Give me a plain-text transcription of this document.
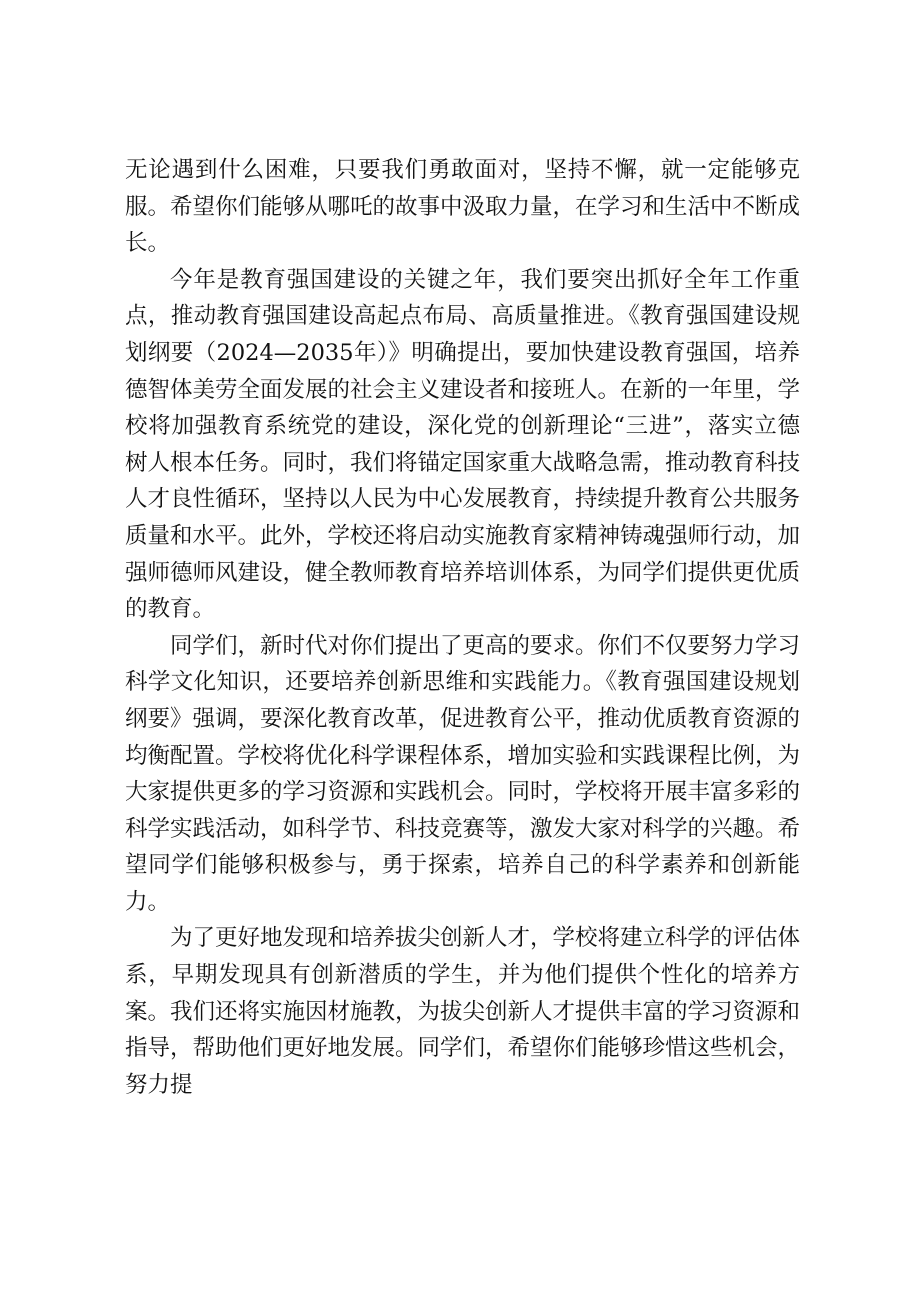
无论遇到什么困难，只要我们勇敢面对，坚持不懈，就一定能够克服。希望你们能够从哪吒的故事中汲取力量，在学习和生活中不断成长。

今年是教育强国建设的关键之年，我们要突出抓好全年工作重点，推动教育强国建设高起点布局、高质量推进。《教育强国建设规划纲要（2024—2035年）》明确提出，要加快建设教育强国，培养德智体美劳全面发展的社会主义建设者和接班人。在新的一年里，学校将加强教育系统党的建设，深化党的创新理论“三进”，落实立德树人根本任务。同时，我们将锚定国家重大战略急需，推动教育科技人才良性循环，坚持以人民为中心发展教育，持续提升教育公共服务质量和水平。此外，学校还将启动实施教育家精神铸魂强师行动，加强师德师风建设，健全教师教育培养培训体系，为同学们提供更优质的教育。

同学们，新时代对你们提出了更高的要求。你们不仅要努力学习科学文化知识，还要培养创新思维和实践能力。《教育强国建设规划纲要》强调，要深化教育改革，促进教育公平，推动优质教育资源的均衡配置。学校将优化科学课程体系，增加实验和实践课程比例，为大家提供更多的学习资源和实践机会。同时，学校将开展丰富多彩的科学实践活动，如科学节、科技竞赛等，激发大家对科学的兴趣。希望同学们能够积极参与，勇于探索，培养自己的科学素养和创新能力。

为了更好地发现和培养拔尖创新人才，学校将建立科学的评估体系，早期发现具有创新潜质的学生，并为他们提供个性化的培养方案。我们还将实施因材施教，为拔尖创新人才提供丰富的学习资源和指导，帮助他们更好地发展。同学们，希望你们能够珍惜这些机会，努力提
